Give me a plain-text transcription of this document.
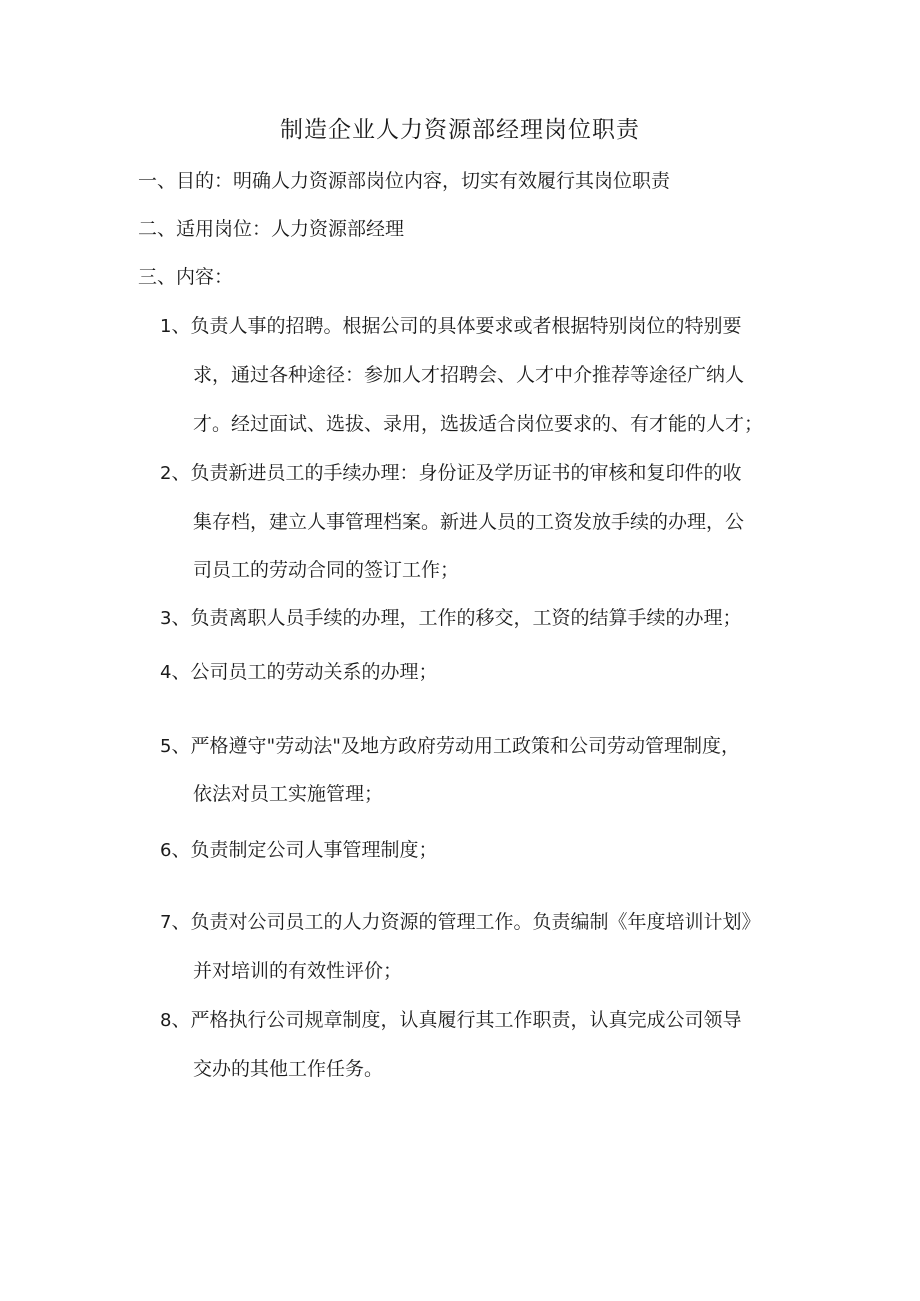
制造企业人力资源部经理岗位职责
一、目的：明确人力资源部岗位内容，切实有效履行其岗位职责
二、适用岗位：人力资源部经理
三、内容：
1、负责人事的招聘。根据公司的具体要求或者根据特别岗位的特别要
求，通过各种途径：参加人才招聘会、人才中介推荐等途径广纳人
才。经过面试、选拔、录用，选拔适合岗位要求的、有才能的人才；
2、负责新进员工的手续办理：身份证及学历证书的审核和复印件的收
集存档，建立人事管理档案。新进人员的工资发放手续的办理，公
司员工的劳动合同的签订工作；
3、负责离职人员手续的办理，工作的移交，工资的结算手续的办理；
4、公司员工的劳动关系的办理；
5、严格遵守"劳动法"及地方政府劳动用工政策和公司劳动管理制度，
依法对员工实施管理；
6、负责制定公司人事管理制度；
7、负责对公司员工的人力资源的管理工作。负责编制《年度培训计划》
并对培训的有效性评价；
8、严格执行公司规章制度，认真履行其工作职责，认真完成公司领导
交办的其他工作任务。
